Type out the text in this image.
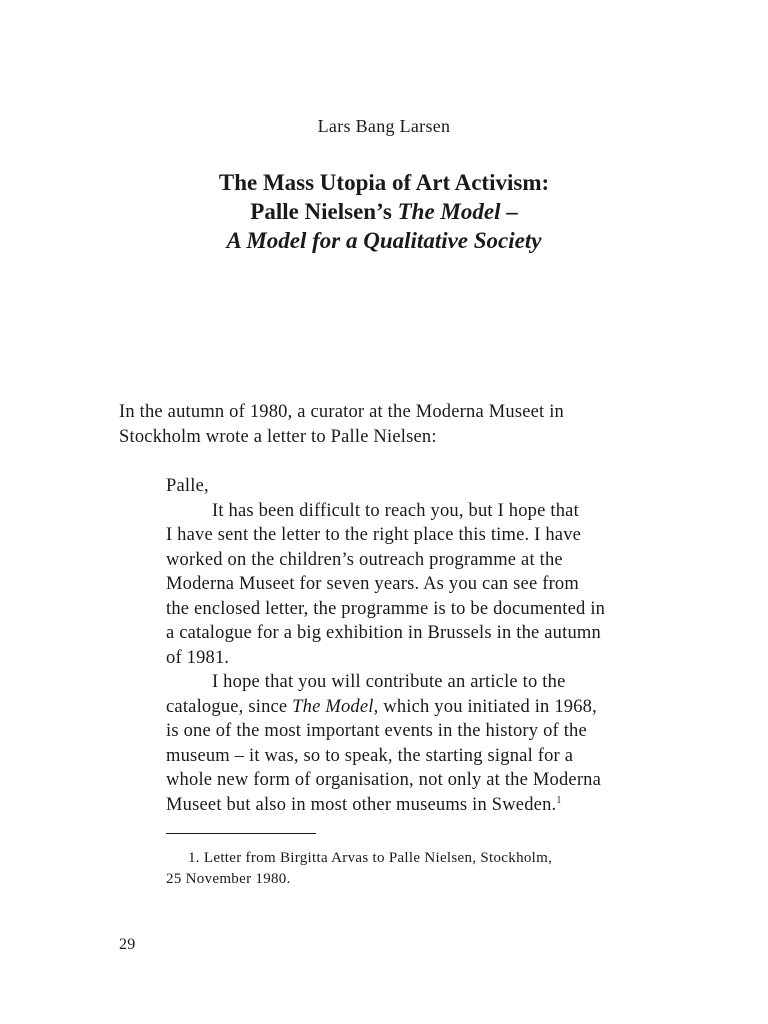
Lars Bang Larsen
The Mass Utopia of Art Activism:
Palle Nielsen’s The Model –
A Model for a Qualitative Society
In the autumn of 1980, a curator at the Moderna Museet in
Stockholm wrote a letter to Palle Nielsen:
Palle,
It has been difficult to reach you, but I hope that
I have sent the letter to the right place this time. I have
worked on the children’s outreach programme at the
Moderna Museet for seven years. As you can see from
the enclosed letter, the programme is to be documented in
a catalogue for a big exhibition in Brussels in the autumn
of 1981.
I hope that you will contribute an article to the
catalogue, since The Model, which you initiated in 1968,
is one of the most important events in the history of the
museum – it was, so to speak, the starting signal for a
whole new form of organisation, not only at the Moderna
Museet but also in most other museums in Sweden.$^1$
1. Letter from Birgitta Arvas to Palle Nielsen, Stockholm,
25 November 1980.
29
